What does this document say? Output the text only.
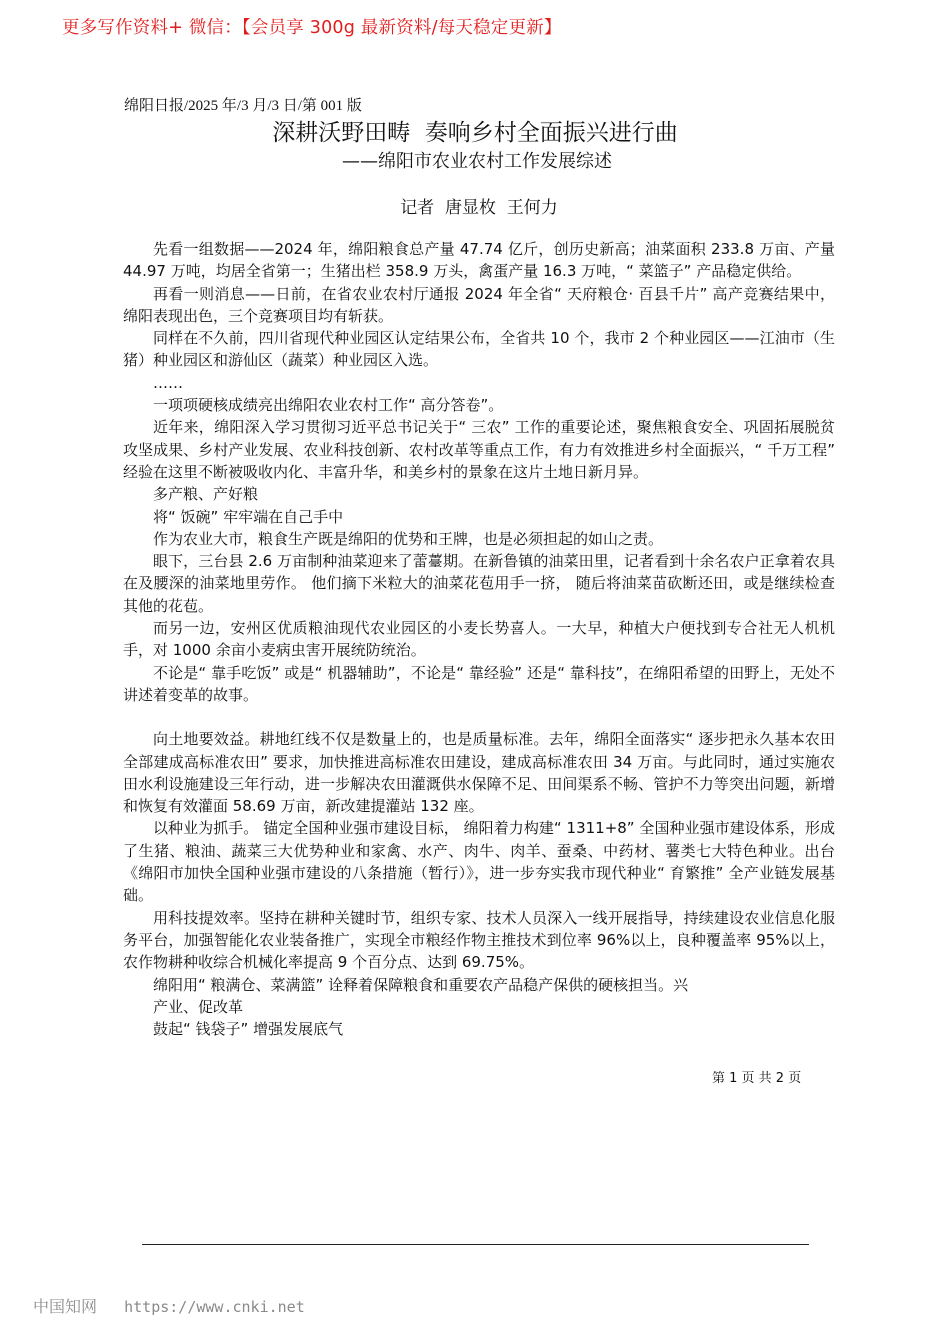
更多写作资料+ 微信：【会员享 300g 最新资料/每天稳定更新】
绵阳日报/2025 年/3 月/3 日/第 001 版
深耕沃野田畴  奏响乡村全面振兴进行曲
——绵阳市农业农村工作发展综述
记者  唐显枚  王何力

先看一组数据——2024 年，绵阳粮食总产量 47.74 亿斤，创历史新高；油菜面积 233.8 万亩、产量 44.97 万吨，均居全省第一；生猪出栏 358.9 万头，禽蛋产量 16.3 万吨，“ 菜篮子” 产品稳定供给。

再看一则消息——日前，在省农业农村厅通报 2024 年全省“ 天府粮仓· 百县千片” 高产竞赛结果中，绵阳表现出色，三个竞赛项目均有斩获。

同样在不久前，四川省现代种业园区认定结果公布，全省共 10 个，我市 2 个种业园区——江油市（生猪）种业园区和游仙区（蔬菜）种业园区入选。

……

一项项硬核成绩亮出绵阳农业农村工作“ 高分答卷”。

近年来，绵阳深入学习贯彻习近平总书记关于“ 三农” 工作的重要论述，聚焦粮食安全、巩固拓展脱贫攻坚成果、乡村产业发展、农业科技创新、农村改革等重点工作，有力有效推进乡村全面振兴，“ 千万工程” 经验在这里不断被吸收内化、丰富升华，和美乡村的景象在这片土地日新月异。

多产粮、产好粮

将“ 饭碗” 牢牢端在自己手中

作为农业大市，粮食生产既是绵阳的优势和王牌，也是必须担起的如山之责。

眼下，三台县 2.6 万亩制种油菜迎来了蕾薹期。在新鲁镇的油菜田里，记者看到十余名农户正拿着农具在及腰深的油菜地里劳作。 他们摘下米粒大的油菜花苞用手一挤， 随后将油菜苗砍断还田，或是继续检查其他的花苞。

而另一边，安州区优质粮油现代农业园区的小麦长势喜人。一大早，种植大户便找到专合社无人机机手，对 1000 余亩小麦病虫害开展统防统治。

不论是“ 靠手吃饭” 或是“ 机器辅助”，不论是“ 靠经验” 还是“ 靠科技”，在绵阳希望的田野上，无处不讲述着变革的故事。

向土地要效益。耕地红线不仅是数量上的，也是质量标准。去年，绵阳全面落实“ 逐步把永久基本农田全部建成高标准农田” 要求，加快推进高标准农田建设，建成高标准农田 34 万亩。与此同时，通过实施农田水利设施建设三年行动，进一步解决农田灌溉供水保障不足、田间渠系不畅、管护不力等突出问题，新增和恢复有效灌面 58.69 万亩，新改建提灌站 132 座。

以种业为抓手。 锚定全国种业强市建设目标， 绵阳着力构建“ 1311+8” 全国种业强市建设体系，形成了生猪、粮油、蔬菜三大优势种业和家禽、水产、肉牛、肉羊、蚕桑、中药材、薯类七大特色种业。出台《绵阳市加快全国种业强市建设的八条措施（暂行）》，进一步夯实我市现代种业“ 育繁推” 全产业链发展基础。

用科技提效率。坚持在耕种关键时节，组织专家、技术人员深入一线开展指导，持续建设农业信息化服务平台，加强智能化农业装备推广，实现全市粮经作物主推技术到位率 96%以上，良种覆盖率 95%以上，农作物耕种收综合机械化率提高 9 个百分点、达到 69.75%。

绵阳用“ 粮满仓、菜满篮” 诠释着保障粮食和重要农产品稳产保供的硬核担当。兴

产业、促改革

鼓起“ 钱袋子” 增强发展底气

第 1 页 共 2 页
中国知网 https://www.cnki.net
